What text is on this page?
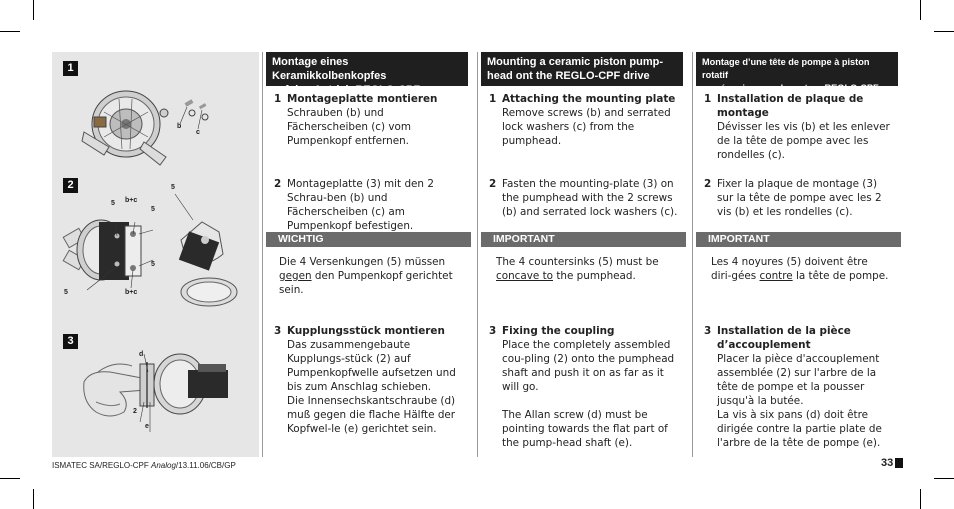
1
b
c
2
5 b+c
5
5
5
b+c
5
3
d
2
e
Montage eines Keramikkolbenkopfes
auf den Antrieb REGLO-CPF
1 Montageplatte montieren
Schrauben (b) und Fächerscheiben (c) vom Pumpenkopf entfernen.
2 Montageplatte (3) mit den 2 Schrau-ben (b) und Fächerscheiben (c) am Pumpenkopf befestigen.
WICHTIG
Die 4 Versenkungen (5) müssen gegen den Pumpenkopf gerichtet sein.
3 Kupplungsstück montieren
Das zusammengebaute Kupplungs-stück (2) auf Pumpenkopfwelle aufsetzen und bis zum Anschlag schieben.
Die Innensechskantschraube (d) muß gegen die flache Hälfte der Kopfwel-le (e) gerichtet sein.
Mounting a ceramic piston pump-
head ont the REGLO-CPF drive
1 Attaching the mounting plate
Remove screws (b) and serrated lock washers (c) from the pumphead.
2 Fasten the mounting-plate (3) on the pumphead with the 2 screws (b) and serrated lock washers (c).
IMPORTANT
The 4 countersinks (5) must be concave to the pumphead.
3 Fixing the coupling
Place the completely assembled cou-pling (2) onto the pumphead shaft and push it on as far as it will go.
The Allan screw (d) must be pointing towards the flat part of the pump-head shaft (e).
Montage d’une tête de pompe à piston rotatif
en céramique sur le moteur REGLO-CPF
1 Installation de plaque de montage
Dévisser les vis (b) et les enlever de la tête de pompe avec les rondelles (c).
2 Fixer la plaque de montage (3) sur la tête de pompe avec les 2 vis (b) et les rondelles (c).
IMPORTANT
Les 4 noyures (5) doivent être diri-gées contre la tête de pompe.
3 Installation de la pièce d’accouplement
Placer la pièce d'accouplement assemblée (2) sur l'arbre de la tête de pompe et la pousser jusqu'à la butée.
La vis à six pans (d) doit être dirigée contre la partie plate de l'arbre de la tête de pompe (e).
ISMATEC SA/REGLO-CPF Analog/13.11.06/CB/GP	33
